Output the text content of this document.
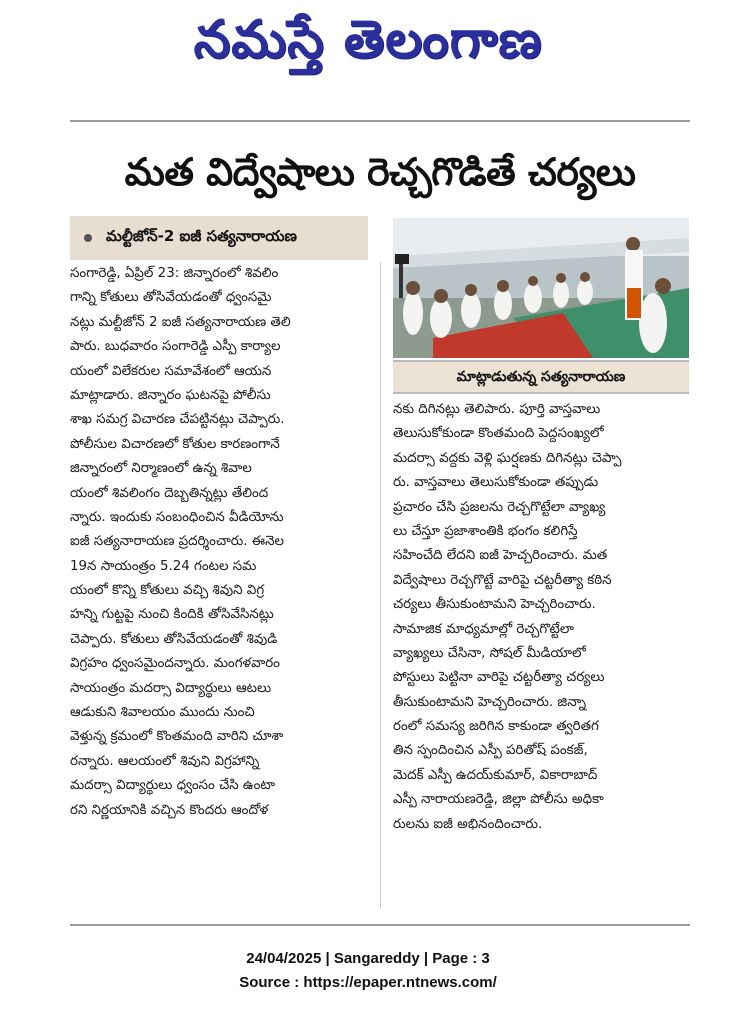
నమస్తే తెలంగాణ
మత విద్వేషాలు రెచ్చగొడితే చర్యలు
మల్టీజోన్-2 ఐజీ సత్యనారాయణ
మాట్లాడుతున్న సత్యనారాయణ
సంగారెడ్డి, ఏప్రిల్ 23: జిన్నారంలో శివలిం
గాన్ని కోతులు తోసివేయడంతో ధ్వంసమై
నట్లు మల్టీజోన్ 2 ఐజీ సత్యనారాయణ తెలి
పారు. బుధవారం సంగారెడ్డి ఎస్పీ కార్యాల
యంలో విలేకరుల సమావేశంలో ఆయన
మాట్లాడారు. జిన్నారం ఘటనపై పోలీసు
శాఖ సమగ్ర విచారణ చేపట్టినట్లు చెప్పారు.
పోలీసుల విచారణలో కోతుల కారణంగానే
జిన్నారంలో నిర్మాణంలో ఉన్న శివాల
యంలో శివలింగం దెబ్బతిన్నట్లు తేలింద
న్నారు. ఇందుకు సంబంధించిన వీడియోను
ఐజీ సత్యనారాయణ ప్రదర్శించారు. ఈనెల
19న సాయంత్రం 5.24 గంటల సమ
యంలో కొన్ని కోతులు వచ్చి శివుని విగ్ర
హన్ని గుట్టపై నుంచి కిందికి తోసివేసినట్లు
చెప్పారు. కోతులు తోసివేయడంతో శివుడి
విగ్రహం ధ్వంసమైందన్నారు. మంగళవారం
సాయంత్రం మదర్సా విద్యార్థులు ఆటలు
ఆడుకుని శివాలయం ముందు నుంచి
వెళ్తున్న క్రమంలో కొంతమంది వారిని చూశా
రన్నారు. ఆలయంలో శివుని విగ్రహాన్ని
మదర్సా విద్యార్థులు ధ్వంసం చేసి ఉంటా
రని నిర్ణయానికి వచ్చిన కొందరు ఆందోళ
నకు దిగినట్లు తెలిపారు. పూర్తి వాస్తవాలు
తెలుసుకోకుండా కొంతమంది పెద్దసంఖ్యలో
మదర్సా వద్దకు వెళ్లి ఘర్షణకు దిగినట్లు చెప్పా
రు. వాస్తవాలు తెలుసుకోకుండా తప్పుడు
ప్రచారం చేసి ప్రజలను రెచ్చగొట్టేలా వ్యాఖ్య
లు చేస్తూ ప్రజాశాంతికి భంగం కలిగిస్తే
సహించేది లేదని ఐజీ హెచ్చరించారు. మత
విద్వేషాలు రెచ్చగొట్టే వారిపై చట్టరీత్యా కఠిన
చర్యలు తీసుకుంటామని హెచ్చరించారు.
సామాజిక మాధ్యమాల్లో రెచ్చగొట్టేలా
వ్యాఖ్యలు చేసినా, సోషల్ మీడియాలో
పోస్టులు పెట్టినా వారిపై చట్టరీత్యా చర్యలు
తీసుకుంటామని హెచ్చరించారు. జిన్నా
రంలో సమస్య జరిగిన కాకుండా త్వరితగ
తిన స్పందించిన ఎస్పీ పరితోష్ పంకజ్,
మెదక్ ఎస్పీ ఉదయ్‌కుమార్, వికారాబాద్
ఎస్పీ నారాయణరెడ్డి, జిల్లా పోలీసు అధికా
రులను ఐజీ అభినందించారు.
24/04/2025 | Sangareddy | Page : 3
Source : https://epaper.ntnews.com/
